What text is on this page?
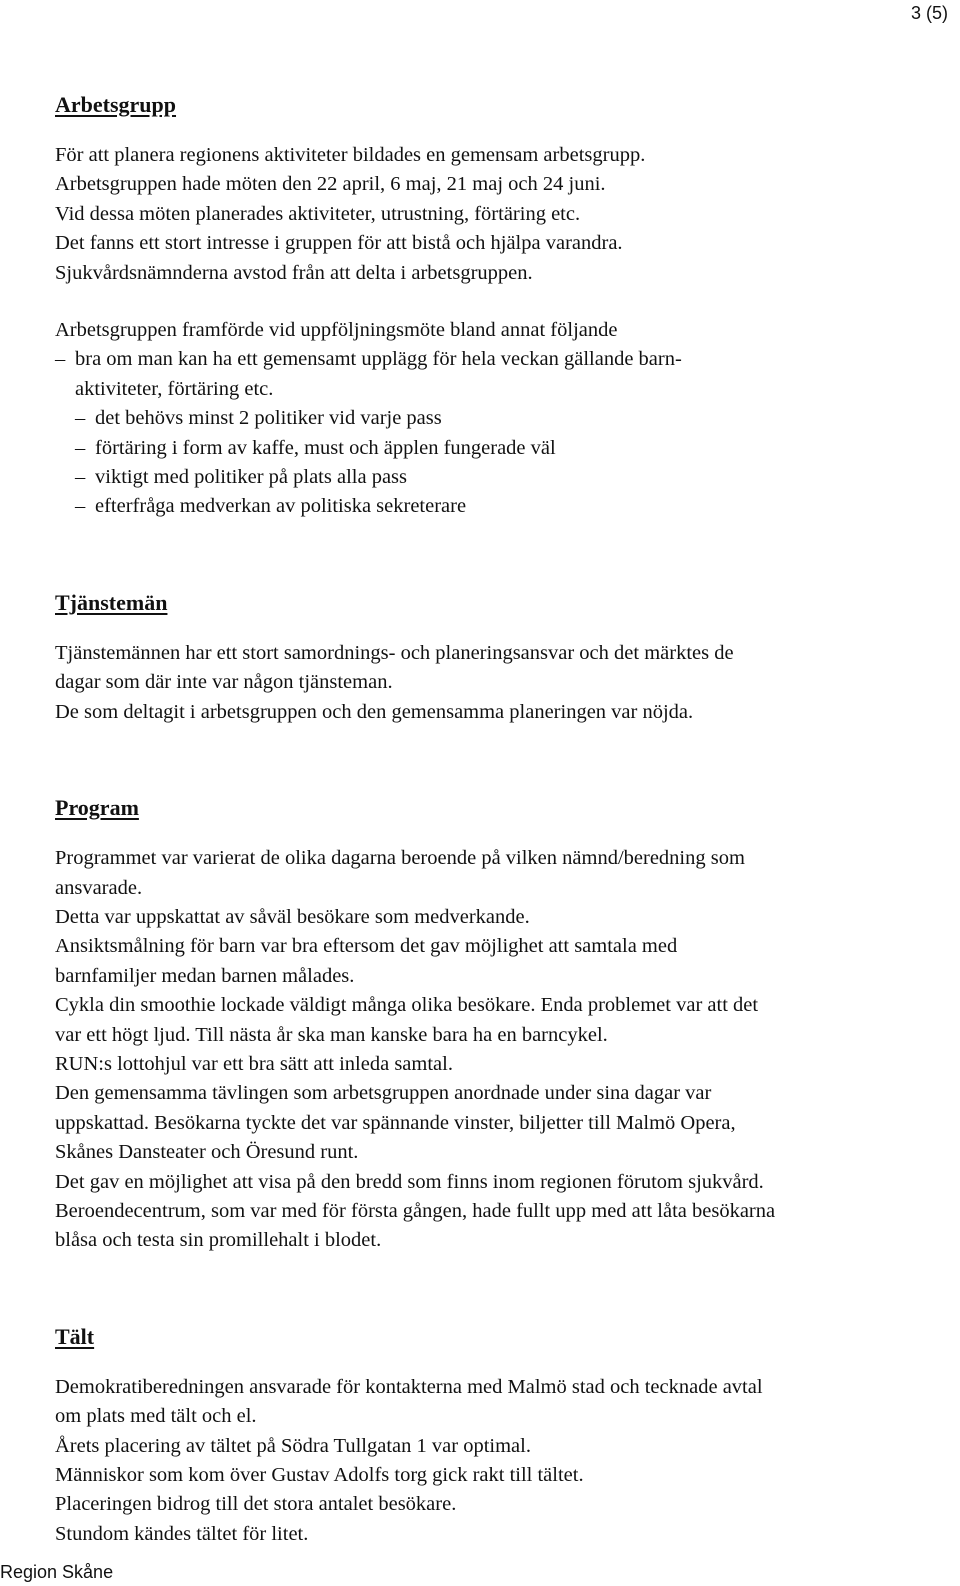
3 (5)
Arbetsgrupp

För att planera regionens aktiviteter bildades en gemensam arbetsgrupp.
Arbetsgruppen hade möten den 22 april, 6 maj, 21 maj och 24 juni.
Vid dessa möten planerades aktiviteter, utrustning, förtäring etc.
Det fanns ett stort intresse i gruppen för att bistå och hjälpa varandra.
Sjukvårdsnämnderna avstod från att delta i arbetsgruppen.

Arbetsgruppen framförde vid uppföljningsmöte bland annat följande

– bra om man kan ha ett gemensamt upplägg för hela veckan gällande barn-
aktiviteter, förtäring etc.
– det behövs minst 2 politiker vid varje pass
– förtäring i form av kaffe, must och äpplen fungerade väl
– viktigt med politiker på plats alla pass
– efterfråga medverkan av politiska sekreterare
Tjänstemän

Tjänstemännen har ett stort samordnings- och planeringsansvar och det märktes de
dagar som där inte var någon tjänsteman.
De som deltagit i arbetsgruppen och den gemensamma planeringen var nöjda.

Program

Programmet var varierat de olika dagarna beroende på vilken nämnd/beredning som
ansvarade.
Detta var uppskattat av såväl besökare som medverkande.
Ansiktsmålning för barn var bra eftersom det gav möjlighet att samtala med
barnfamiljer medan barnen målades.
Cykla din smoothie lockade väldigt många olika besökare. Enda problemet var att det
var ett högt ljud. Till nästa år ska man kanske bara ha en barncykel.
RUN:s lottohjul var ett bra sätt att inleda samtal.
Den gemensamma tävlingen som arbetsgruppen anordnade under sina dagar var
uppskattad. Besökarna tyckte det var spännande vinster, biljetter till Malmö Opera,
Skånes Dansteater och Öresund runt.
Det gav en möjlighet att visa på den bredd som finns inom regionen förutom sjukvård.
Beroendecentrum, som var med för första gången, hade fullt upp med att låta besökarna
blåsa och testa sin promillehalt i blodet.

Tält

Demokratiberedningen ansvarade för kontakterna med Malmö stad och tecknade avtal
om plats med tält och el.
Årets placering av tältet på Södra Tullgatan 1 var optimal.
Människor som kom över Gustav Adolfs torg gick rakt till tältet.
Placeringen bidrog till det stora antalet besökare.
Stundom kändes tältet för litet.

Region Skåne
